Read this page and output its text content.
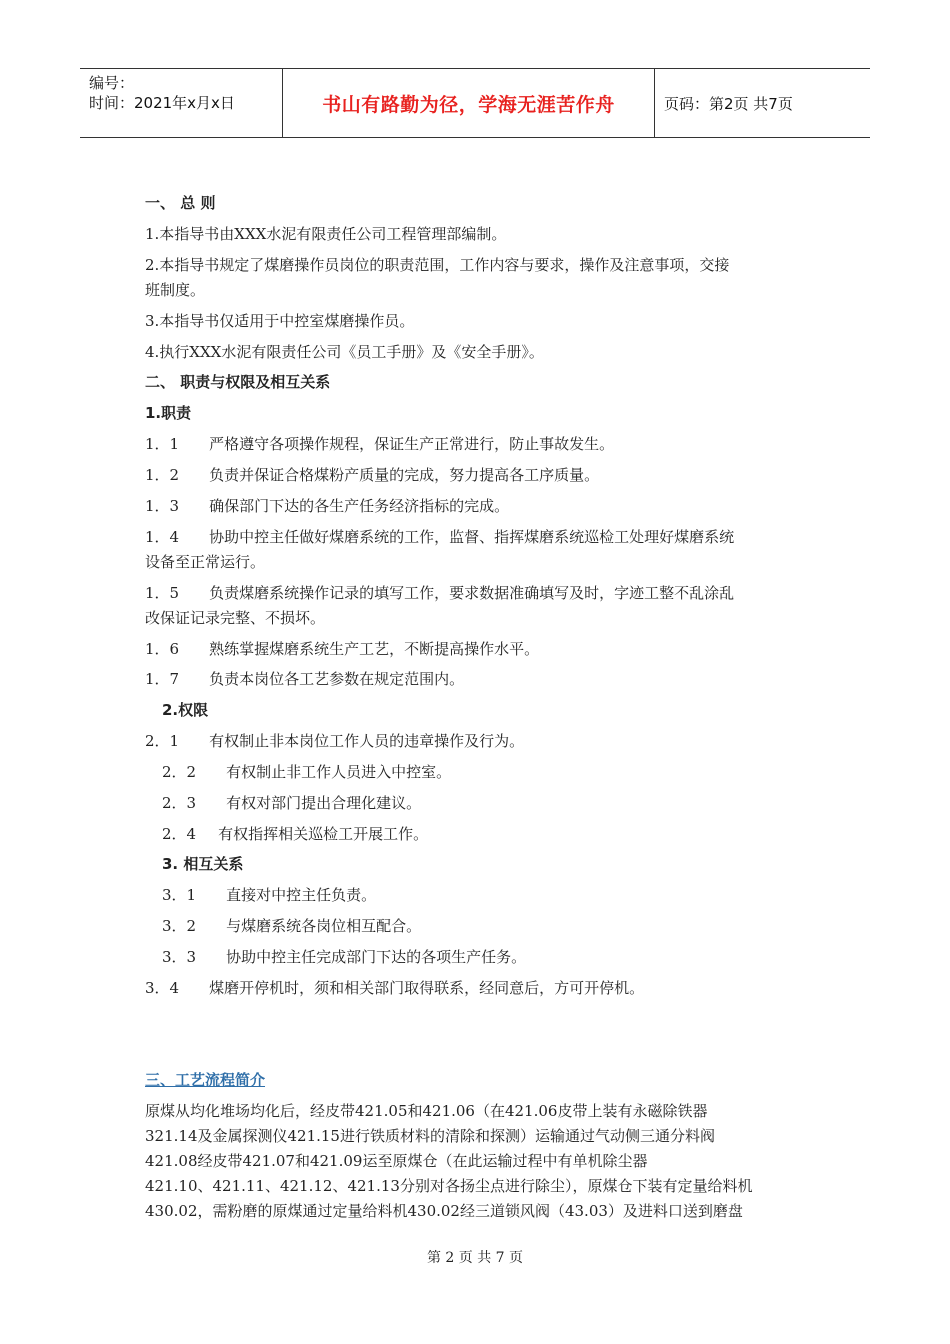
编号：
时间：2021年x月x日	书山有路勤为径，学海无涯苦作舟	页码：第2页 共7页
一、 总 则
1.本指导书由XXX水泥有限责任公司工程管理部编制。
2.本指导书规定了煤磨操作员岗位的职责范围，工作内容与要求，操作及注意事项，交接
班制度。
3.本指导书仅适用于中控室煤磨操作员。
4.执行XXX水泥有限责任公司《员工手册》及《安全手册》。
二、 职责与权限及相互关系
1.职责
1．1 严格遵守各项操作规程，保证生产正常进行，防止事故发生。
1．2 负责并保证合格煤粉产质量的完成，努力提高各工序质量。
1．3 确保部门下达的各生产任务经济指标的完成。
1．4 协助中控主任做好煤磨系统的工作，监督、指挥煤磨系统巡检工处理好煤磨系统
设备至正常运行。
1．5 负责煤磨系统操作记录的填写工作，要求数据准确填写及时，字迹工整不乱涂乱
改保证记录完整、不损坏。
1．6 熟练掌握煤磨系统生产工艺，不断提高操作水平。
1．7 负责本岗位各工艺参数在规定范围内。
2.权限
2．1 有权制止非本岗位工作人员的违章操作及行为。
2．2 有权制止非工作人员进入中控室。
2．3 有权对部门提出合理化建议。
2．4 有权指挥相关巡检工开展工作。
3. 相互关系
3．1 直接对中控主任负责。
3．2 与煤磨系统各岗位相互配合。
3．3 协助中控主任完成部门下达的各项生产任务。
3．4 煤磨开停机时，须和相关部门取得联系，经同意后，方可开停机。
三、工艺流程简介
原煤从均化堆场均化后，经皮带421.05和421.06（在421.06皮带上装有永磁除铁器
321.14及金属探测仪421.15进行铁质材料的清除和探测）运输通过气动侧三通分料阀
421.08经皮带421.07和421.09运至原煤仓（在此运输过程中有单机除尘器
421.10、421.11、421.12、421.13分别对各扬尘点进行除尘），原煤仓下装有定量给料机
430.02，需粉磨的原煤通过定量给料机430.02经三道锁风阀（43.03）及进料口送到磨盘
第 2 页 共 7 页
